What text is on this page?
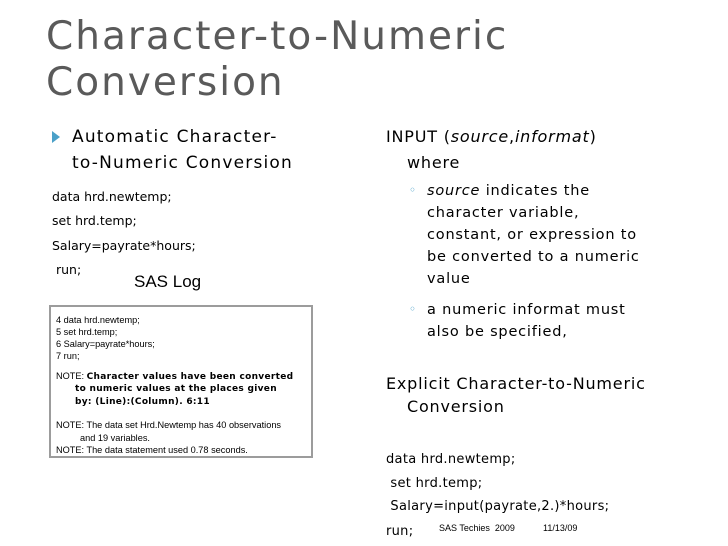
Character-to-Numeric Conversion
Automatic Character-
to-Numeric Conversion
data hrd.newtemp;
set hrd.temp;
Salary=payrate*hours;
run;
SAS Log
4 data hrd.newtemp;
5 set hrd.temp;
6 Salary=payrate*hours;
7 run;
NOTE: Character values have been converted
to numeric values at the places given
by: (Line):(Column). 6:11
NOTE: The data set Hrd.Newtemp has 40 observations
and 19 variables.
NOTE: The data statement used 0.78 seconds.
INPUT (source,informat)
where
◦ source indicates the
character variable,
constant, or expression to
be converted to a numeric
value
◦ a numeric informat must
also be specified,
Explicit Character-to-Numeric
Conversion
data hrd.newtemp;
set hrd.temp;
Salary=input(payrate,2.)*hours;
run;	SAS Techies  2009	11/13/09
